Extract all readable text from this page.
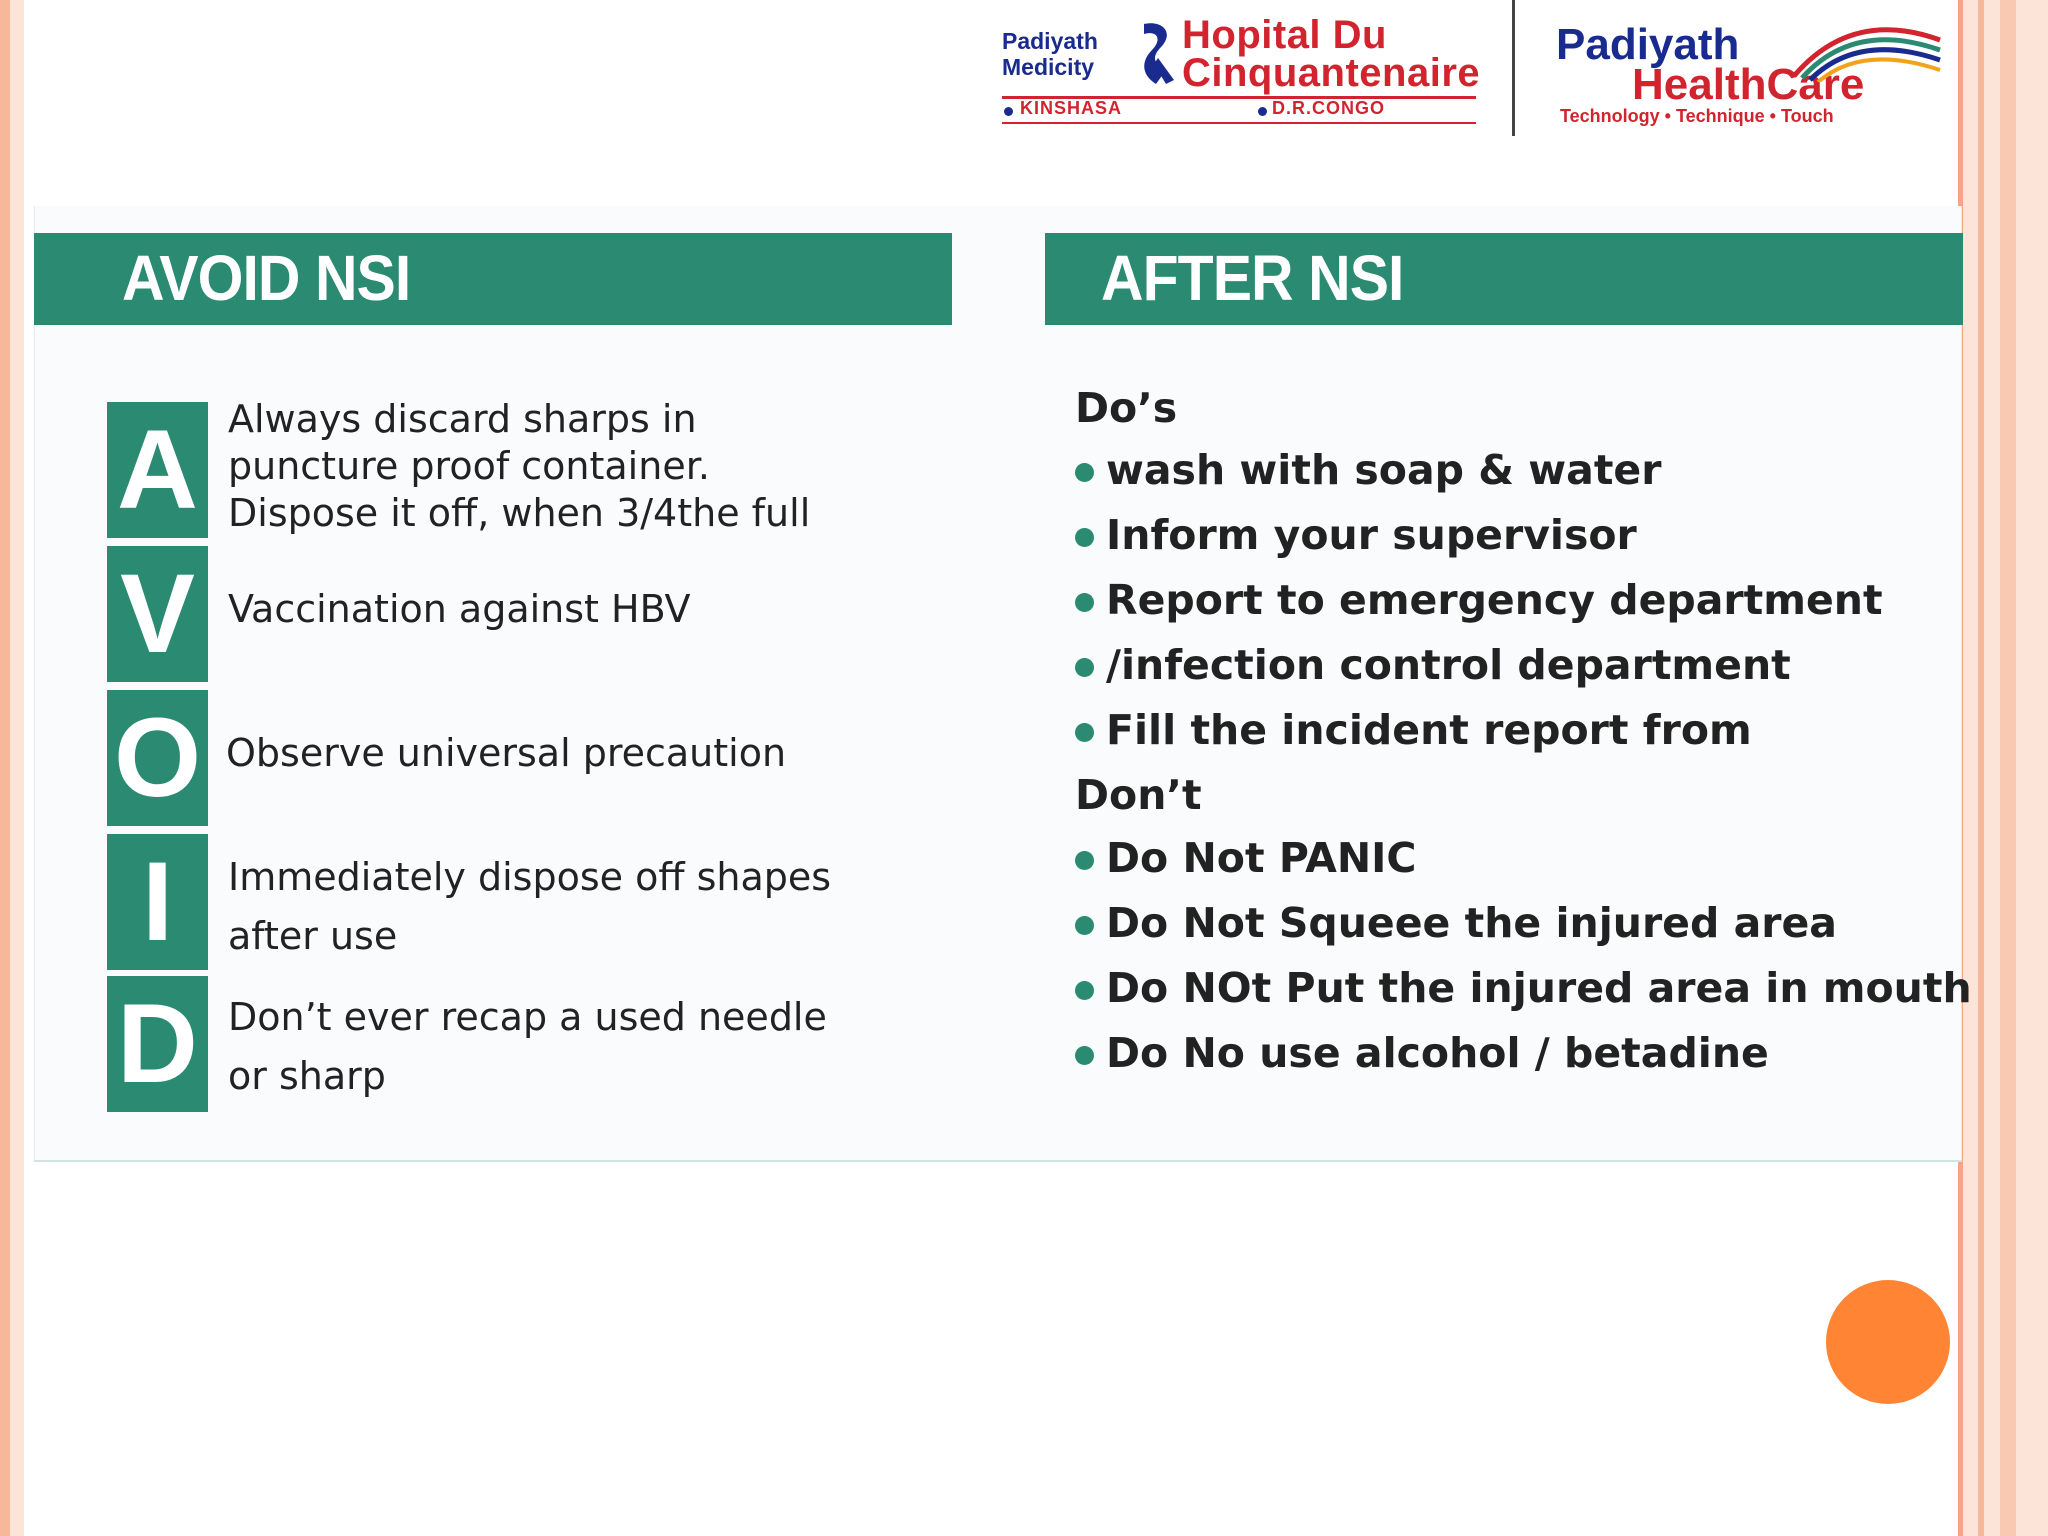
Padiyath
Medicity
Hopital Du
Cinquantenaire
KINSHASA	D.R.CONGO
Padiyath
HealthCare
Technology • Technique • Touch
AVOID NSI	AFTER NSI
A
V
O
I
D
Always discard sharps in
puncture proof container.
Dispose it off, when 3/4the full
Vaccination against HBV
Observe universal precaution
Immediately dispose off shapes
after use
Don’t ever recap a used needle
or sharp
Do’s
wash with soap & water
Inform your supervisor
Report to emergency department
/infection control department
Fill the incident report from
Don’t
Do Not PANIC
Do Not Squeee the injured area
Do NOt Put the injured area in mouth
Do No use alcohol / betadine
